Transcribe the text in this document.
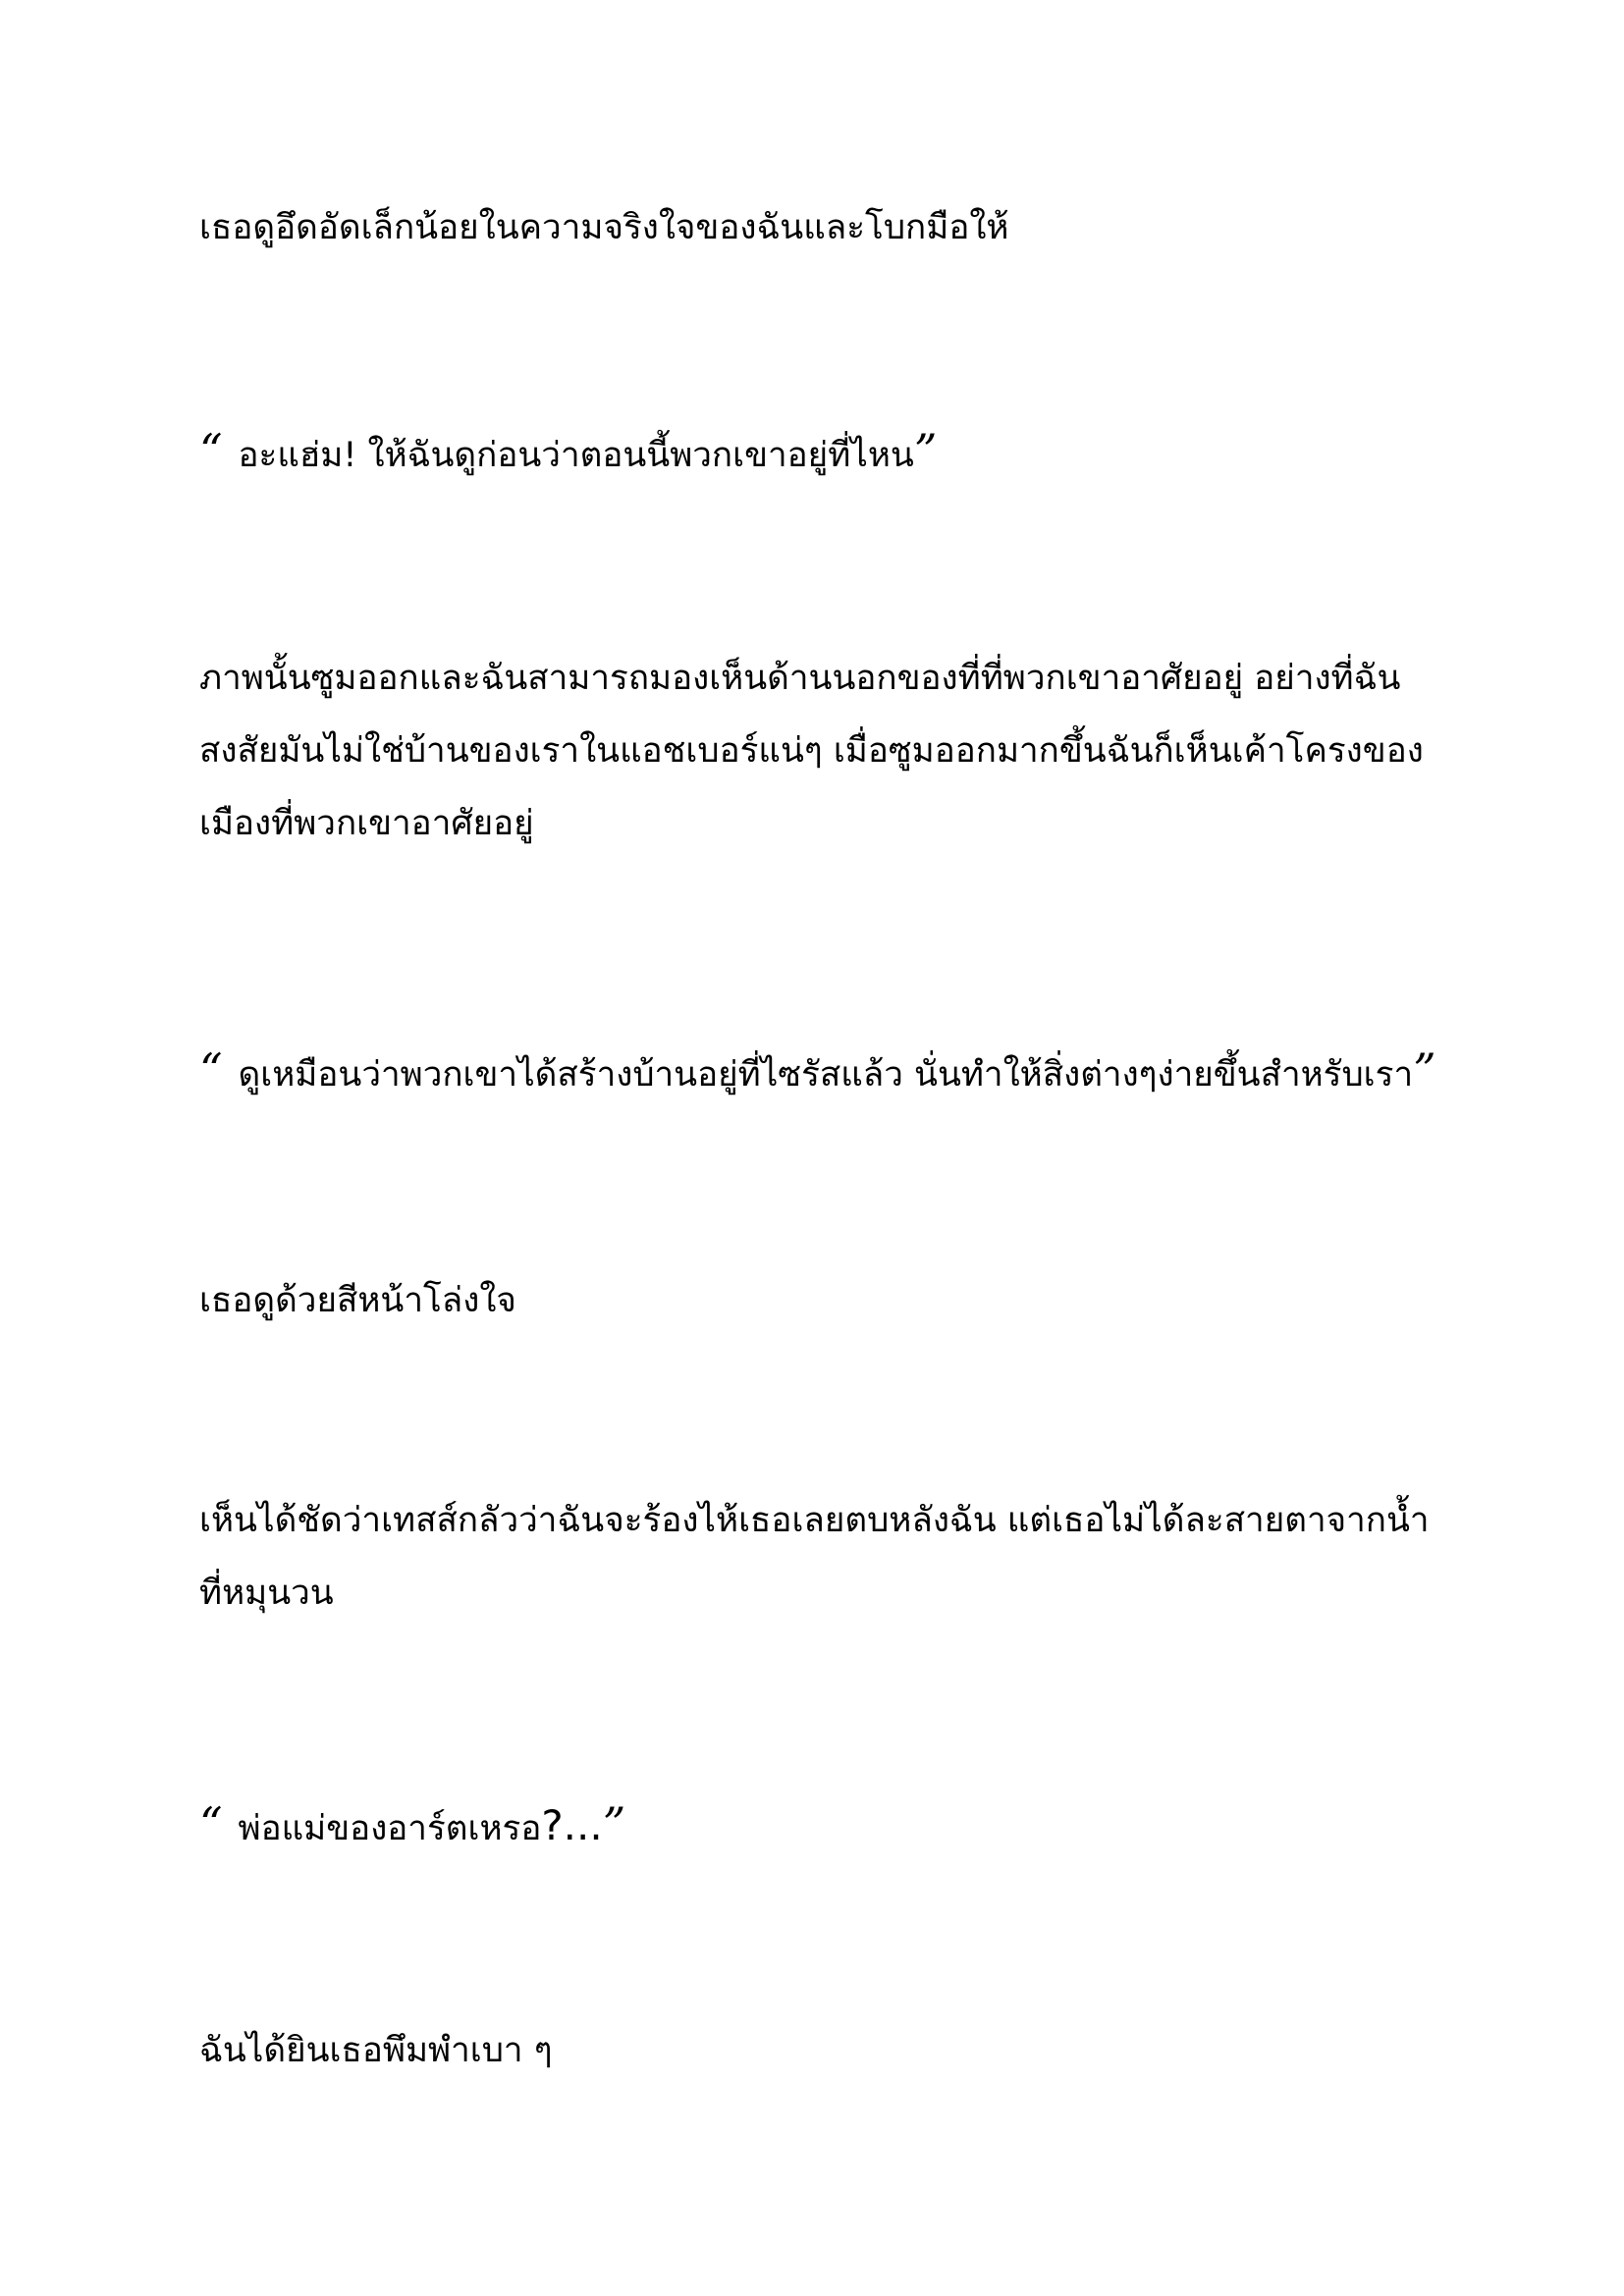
เธอดูอึดอัดเล็กน้อยในความจริงใจของฉันและโบกมือให้

“ อะแฮ่ม! ให้ฉันดูก่อนว่าตอนนี้พวกเขาอยู่ที่ไหน”

ภาพนั้นซูมออกและฉันสามารถมองเห็นด้านนอกของที่ที่พวกเขาอาศัยอยู่ อย่างที่ฉัน
สงสัยมันไม่ใช่บ้านของเราในแอชเบอร์แน่ๆ เมื่อซูมออกมากขึ้นฉันก็เห็นเค้าโครงของ
เมืองที่พวกเขาอาศัยอยู่

“ ดูเหมือนว่าพวกเขาได้สร้างบ้านอยู่ที่ไซรัสแล้ว นั่นทำให้สิ่งต่างๆง่ายขึ้นสำหรับเรา”

เธอดูด้วยสีหน้าโล่งใจ

เห็นได้ชัดว่าเทสส์กลัวว่าฉันจะร้องไห้เธอเลยตบหลังฉัน แต่เธอไม่ได้ละสายตาจากน้ำ
ที่หมุนวน

“ พ่อแม่ของอาร์ตเหรอ?...”

ฉันได้ยินเธอพึมพำเบา ๆ
